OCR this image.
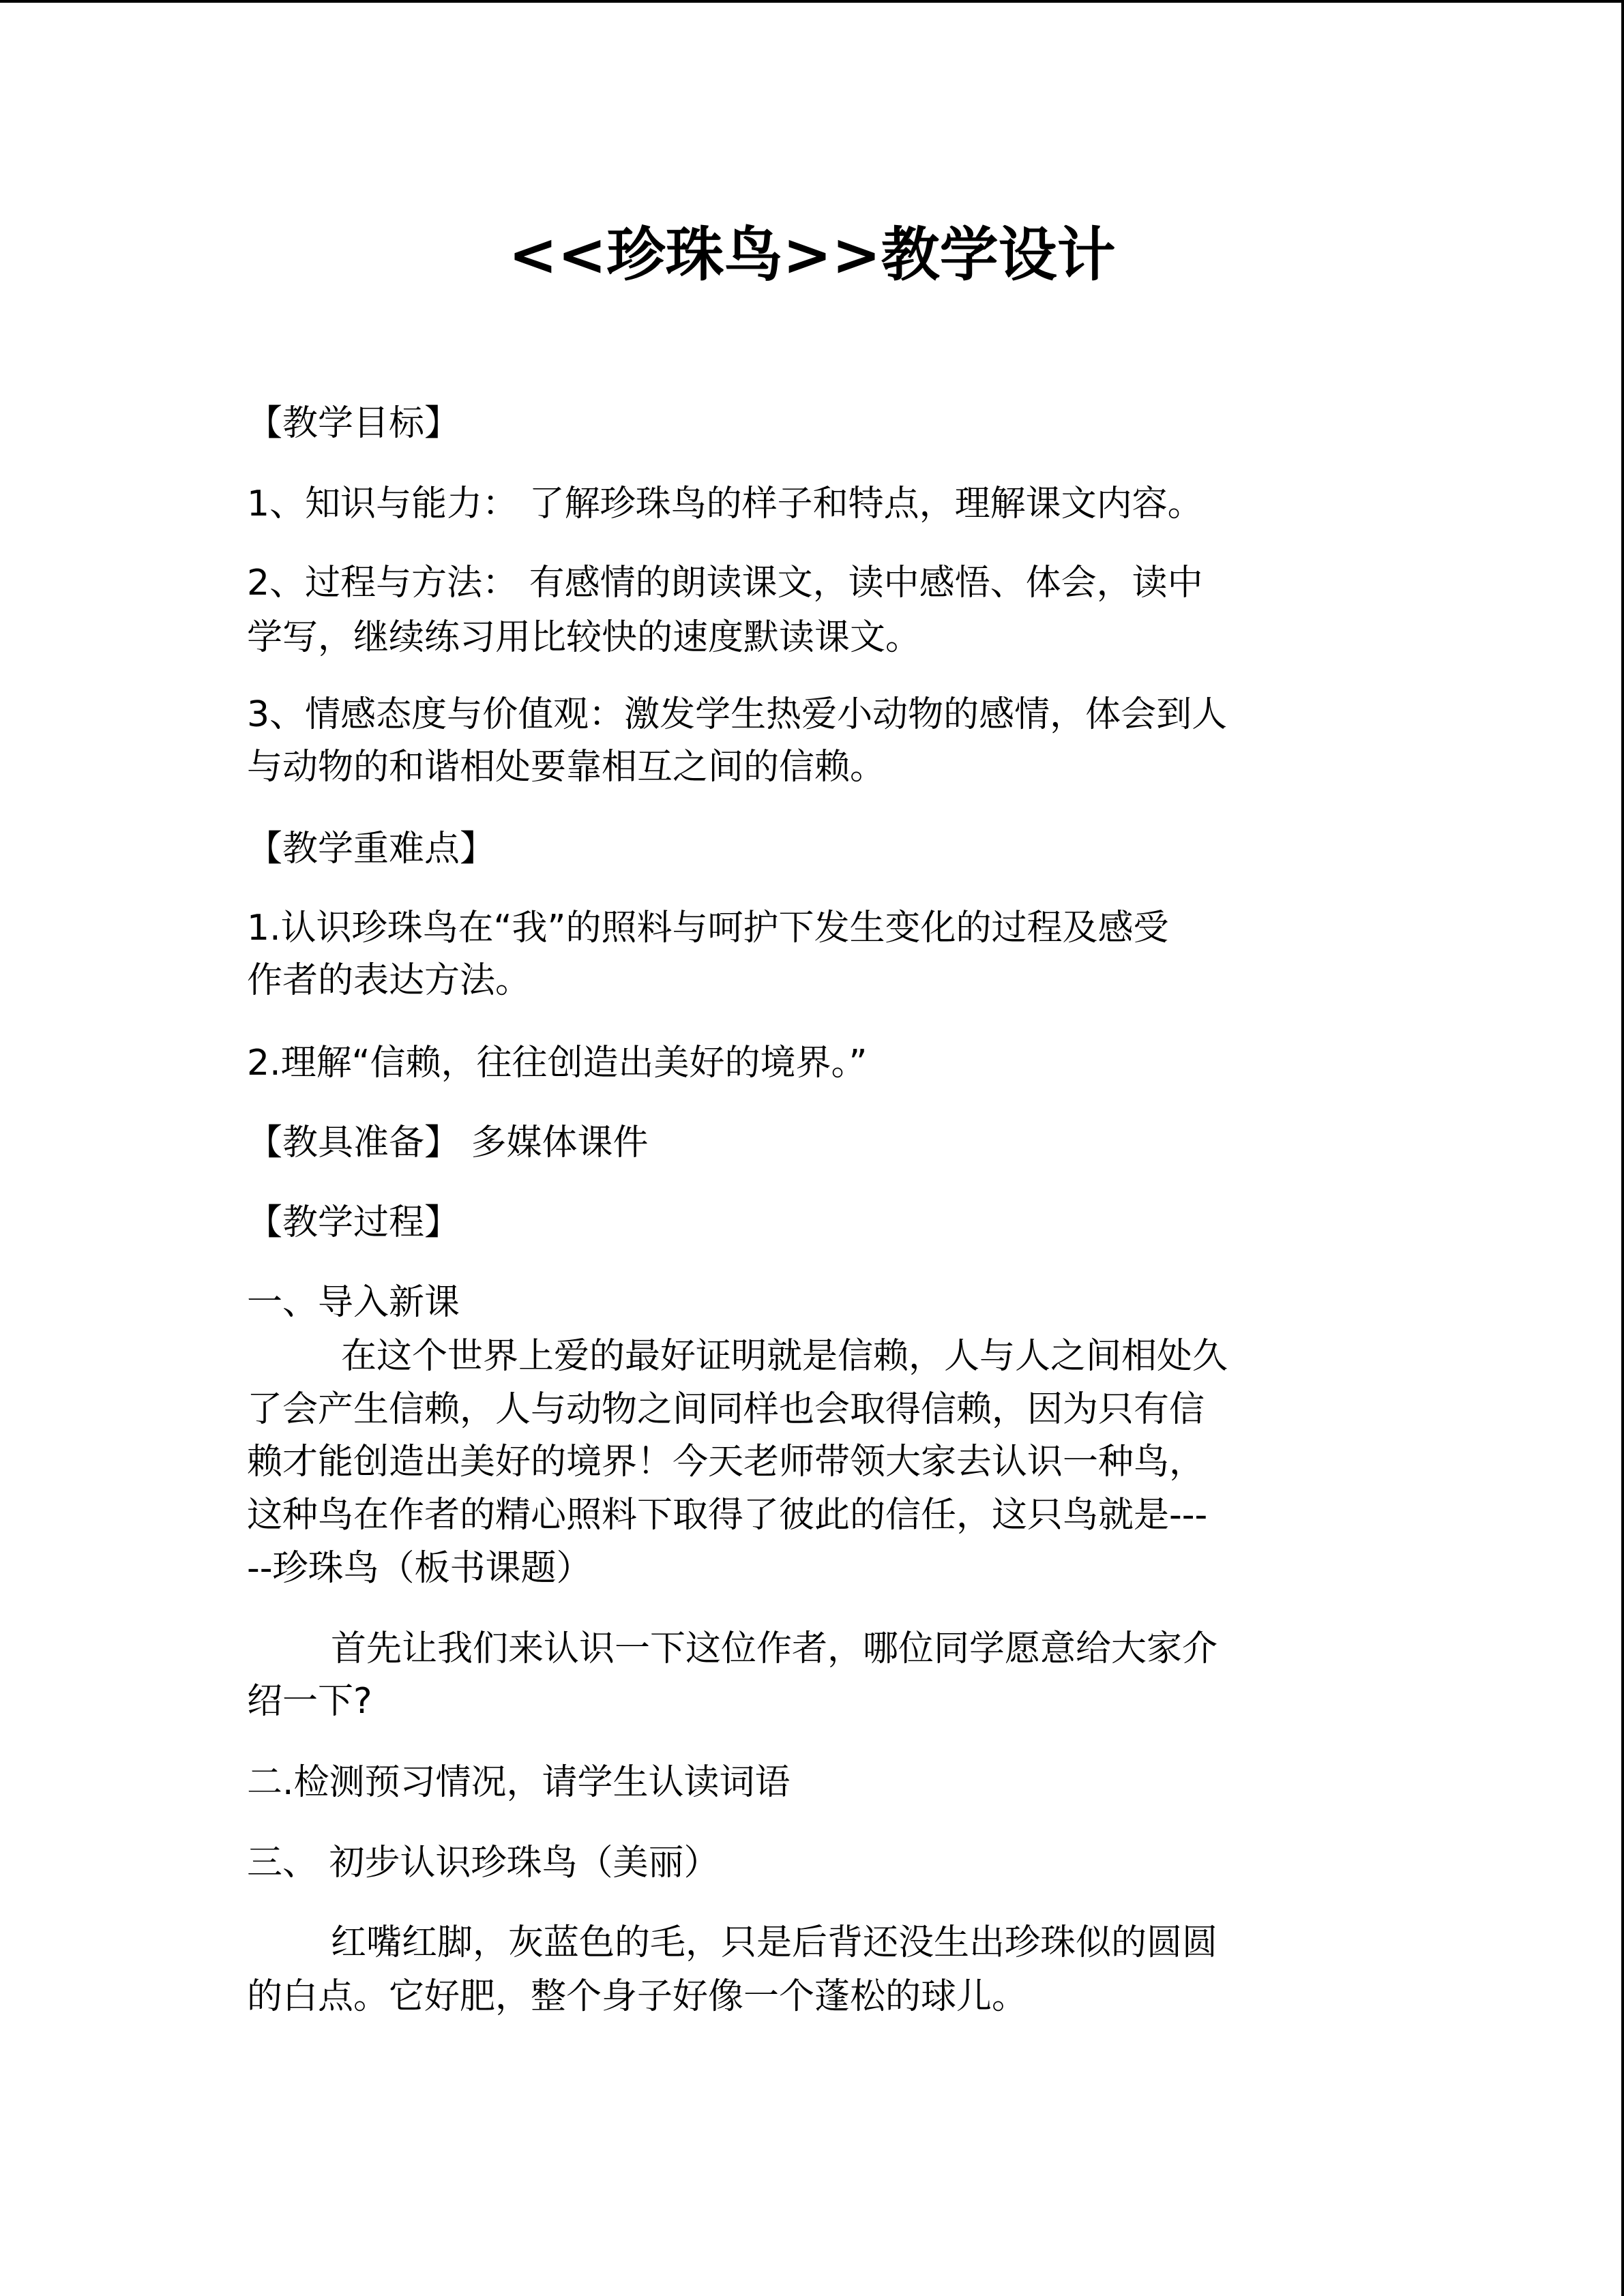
<<珍珠鸟>>教学设计

【教学目标】

1、知识与能力： 了解珍珠鸟的样子和特点，理解课文内容。

2、过程与方法： 有感情的朗读课文，读中感悟、体会，读中

学写，继续练习用比较快的速度默读课文。

3、情感态度与价值观：激发学生热爱小动物的感情，体会到人

与动物的和谐相处要靠相互之间的信赖。

【教学重难点】

1.认识珍珠鸟在“我”的照料与呵护下发生变化的过程及感受

作者的表达方法。

2.理解“信赖，往往创造出美好的境界。”

【教具准备】 多媒体课件

【教学过程】

一、导入新课

在这个世界上爱的最好证明就是信赖，人与人之间相处久

了会产生信赖，人与动物之间同样也会取得信赖，因为只有信

赖才能创造出美好的境界！今天老师带领大家去认识一种鸟，

这种鸟在作者的精心照料下取得了彼此的信任，这只鸟就是---

--珍珠鸟（板书课题）

首先让我们来认识一下这位作者，哪位同学愿意给大家介

绍一下?

二.检测预习情况，请学生认读词语

三、 初步认识珍珠鸟（美丽）

红嘴红脚，灰蓝色的毛，只是后背还没生出珍珠似的圆圆

的白点。它好肥，整个身子好像一个蓬松的球儿。
